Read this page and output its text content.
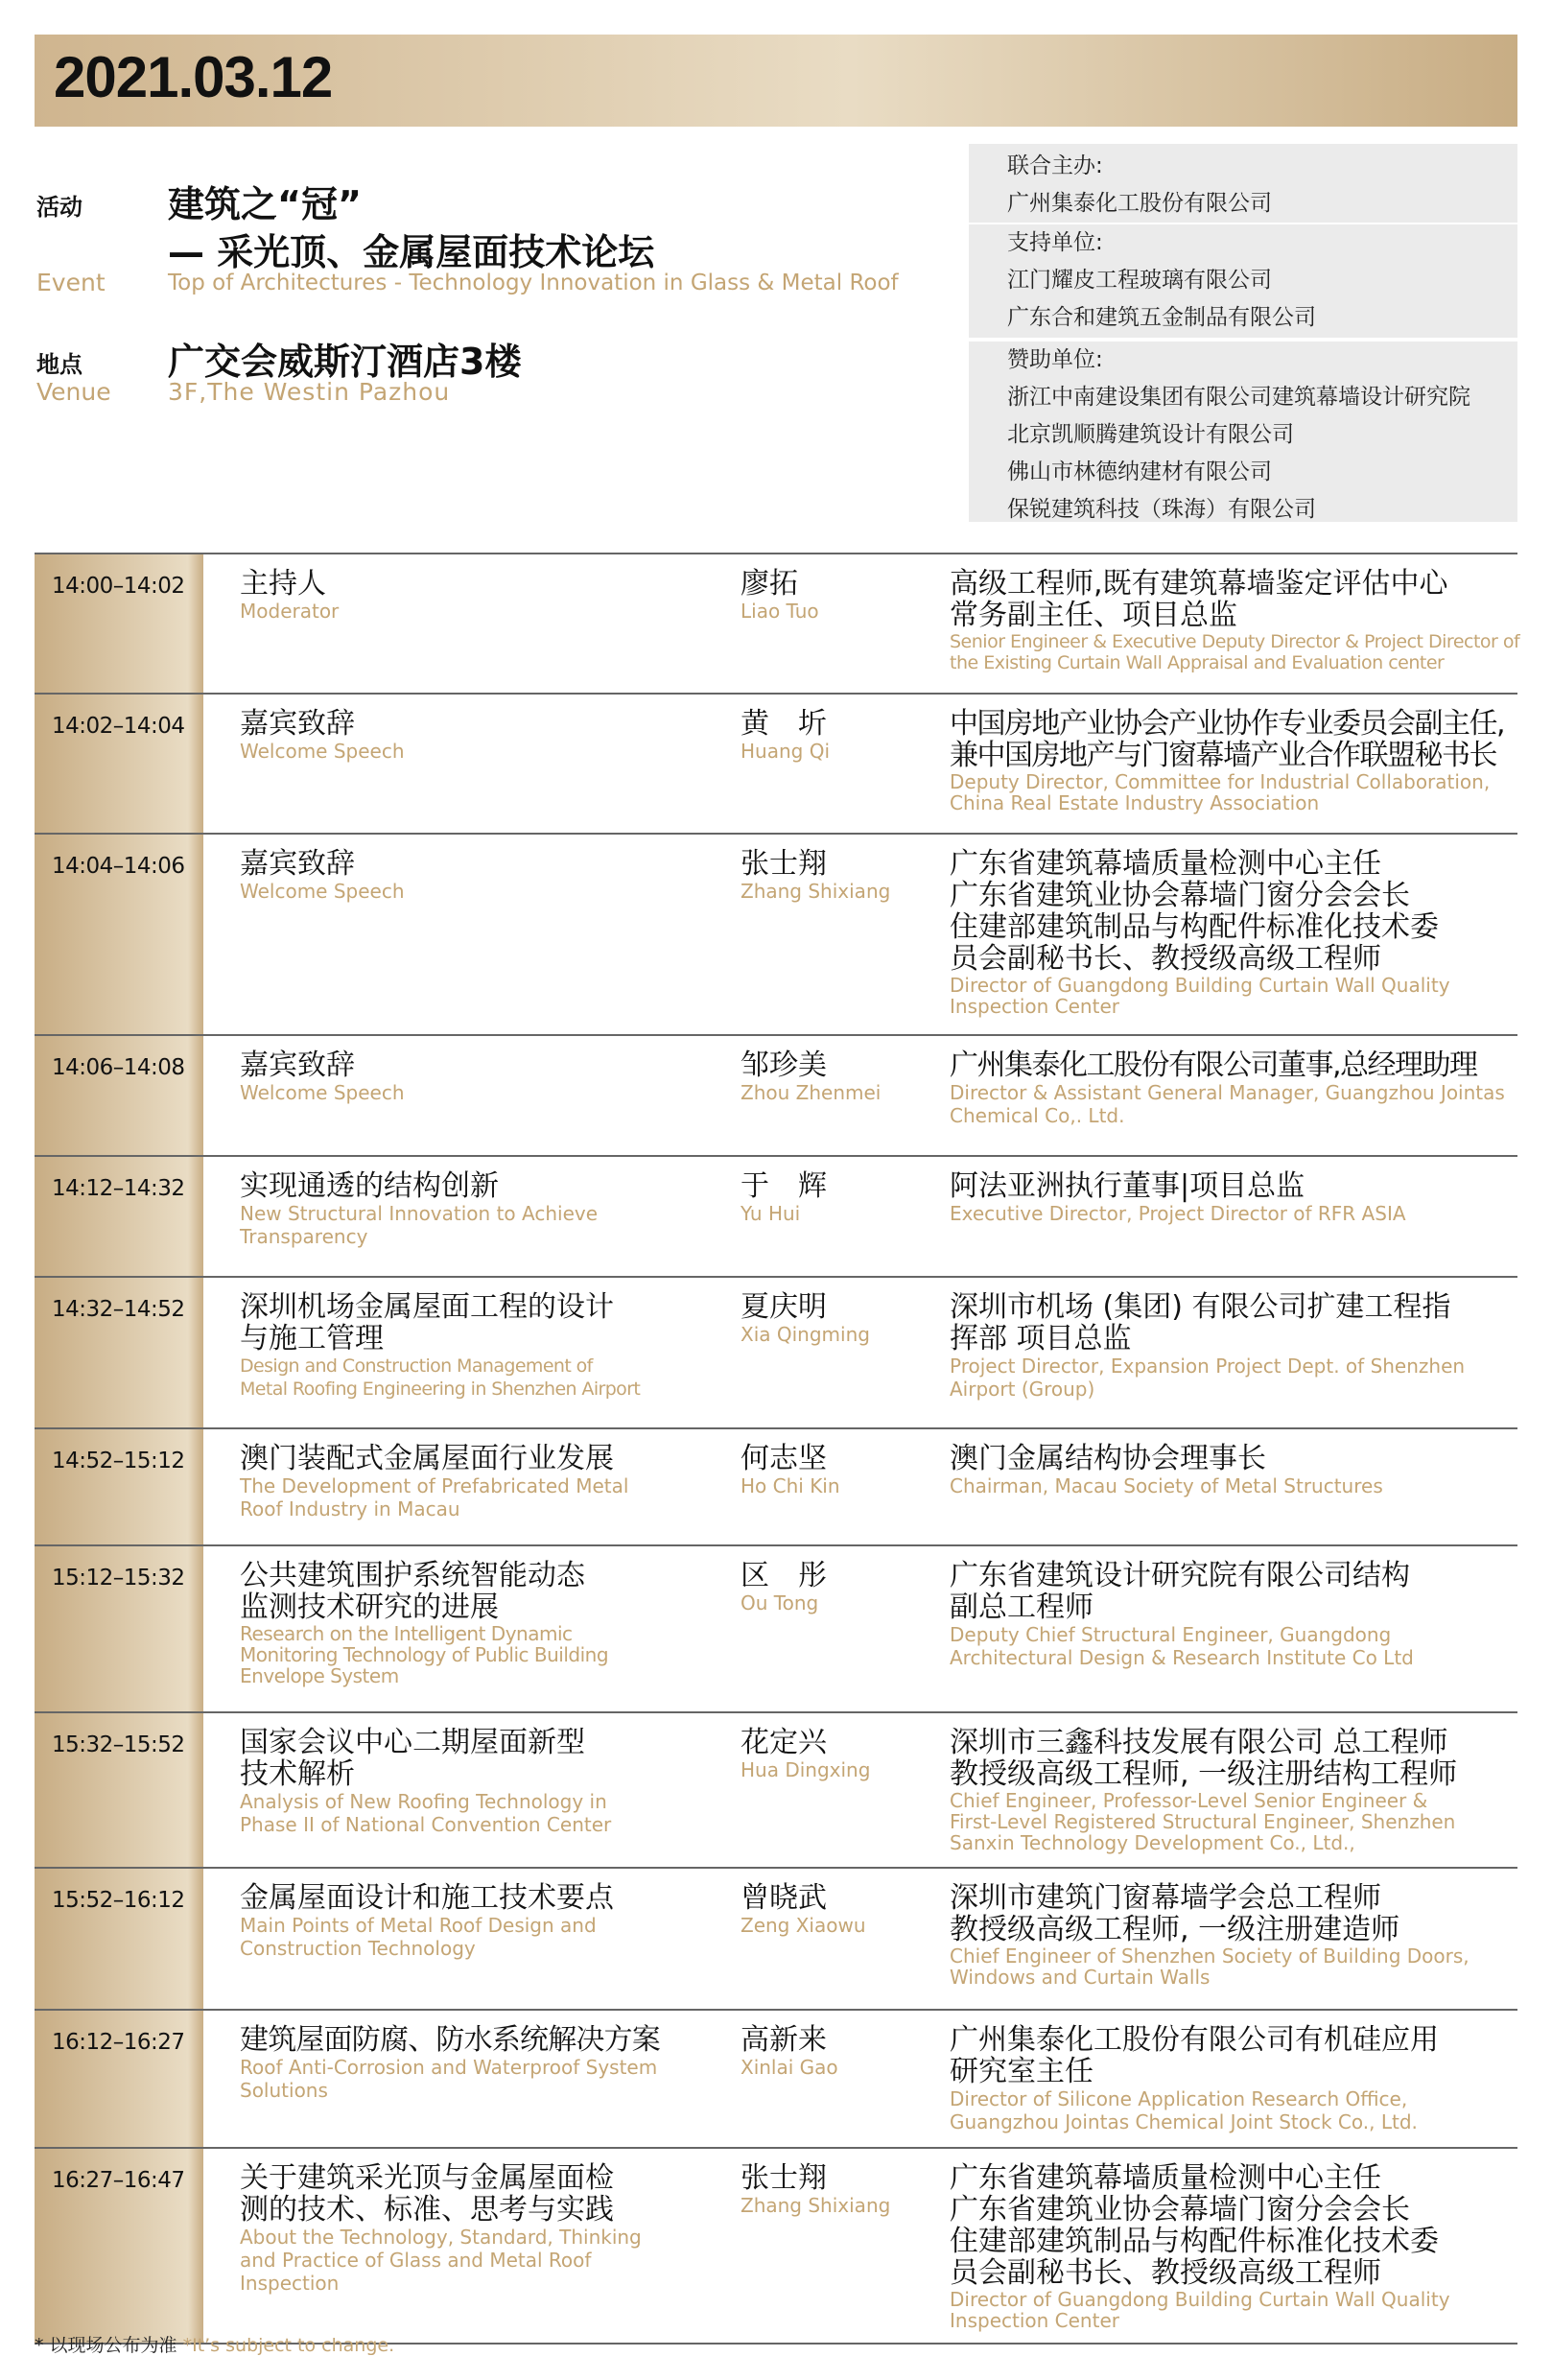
2021.03.12
活动
Event
建筑之“冠”
— 采光顶、金属屋面技术论坛
Top of Architectures - Technology Innovation in Glass & Metal Roof
地点
Venue
广交会威斯汀酒店3楼
3F,The Westin Pazhou
联合主办:
广州集泰化工股份有限公司
支持单位:
江门耀皮工程玻璃有限公司
广东合和建筑五金制品有限公司
赞助单位:
浙江中南建设集团有限公司建筑幕墙设计研究院
北京凯顺腾建筑设计有限公司
佛山市林德纳建材有限公司
保锐建筑科技（珠海）有限公司
14:00–14:02 主持人
Moderator
廖拓
Liao Tuo
高级工程师,既有建筑幕墙鉴定评估中心
常务副主任、项目总监
Senior Engineer & Executive Deputy Director & Project Director of
the Existing Curtain Wall Appraisal and Evaluation center
14:02–14:04 嘉宾致辞
Welcome Speech
黄　圻
Huang Qi
中国房地产业协会产业协作专业委员会副主任,
兼中国房地产与门窗幕墙产业合作联盟秘书长
Deputy Director, Committee for Industrial Collaboration,
China Real Estate Industry Association
14:04–14:06 嘉宾致辞
Welcome Speech
张士翔
Zhang Shixiang
广东省建筑幕墙质量检测中心主任
广东省建筑业协会幕墙门窗分会会长
住建部建筑制品与构配件标准化技术委
员会副秘书长、教授级高级工程师
Director of Guangdong Building Curtain Wall Quality
Inspection Center
14:06–14:08 嘉宾致辞
Welcome Speech
邹珍美
Zhou Zhenmei
广州集泰化工股份有限公司董事,总经理助理
Director & Assistant General Manager, Guangzhou Jointas
Chemical Co,. Ltd.
14:12–14:32 实现通透的结构创新
New Structural Innovation to Achieve
Transparency
于　辉
Yu Hui
阿法亚洲执行董事|项目总监
Executive Director, Project Director of RFR ASIA
14:32–14:52 深圳机场金属屋面工程的设计
与施工管理
Design and Construction Management of
Metal Roofing Engineering in Shenzhen Airport
夏庆明
Xia Qingming
深圳市机场 (集团) 有限公司扩建工程指
挥部 项目总监
Project Director, Expansion Project Dept. of Shenzhen
Airport (Group)
14:52–15:12 澳门装配式金属屋面行业发展
The Development of Prefabricated Metal
Roof Industry in Macau
何志坚
Ho Chi Kin
澳门金属结构协会理事长
Chairman, Macau Society of Metal Structures
15:12–15:32 公共建筑围护系统智能动态
监测技术研究的进展
Research on the Intelligent Dynamic
Monitoring Technology of Public Building
Envelope System
区　彤
Ou Tong
广东省建筑设计研究院有限公司结构
副总工程师
Deputy Chief Structural Engineer, Guangdong
Architectural Design & Research Institute Co Ltd
15:32–15:52 国家会议中心二期屋面新型
技术解析
Analysis of New Roofing Technology in
Phase II of National Convention Center
花定兴
Hua Dingxing
深圳市三鑫科技发展有限公司 总工程师
教授级高级工程师, 一级注册结构工程师
Chief Engineer, Professor-Level Senior Engineer &
First-Level Registered Structural Engineer, Shenzhen
Sanxin Technology Development Co., Ltd.,
15:52–16:12 金属屋面设计和施工技术要点
Main Points of Metal Roof Design and
Construction Technology
曾晓武
Zeng Xiaowu
深圳市建筑门窗幕墙学会总工程师
教授级高级工程师, 一级注册建造师
Chief Engineer of Shenzhen Society of Building Doors,
Windows and Curtain Walls
16:12–16:27 建筑屋面防腐、防水系统解决方案
Roof Anti-Corrosion and Waterproof System
Solutions
高新来
Xinlai Gao
广州集泰化工股份有限公司有机硅应用
研究室主任
Director of Silicone Application Research Office,
Guangzhou Jointas Chemical Joint Stock Co., Ltd.
16:27–16:47 关于建筑采光顶与金属屋面检
测的技术、标准、思考与实践
About the Technology, Standard, Thinking
and Practice of Glass and Metal Roof
Inspection
张士翔
Zhang Shixiang
广东省建筑幕墙质量检测中心主任
广东省建筑业协会幕墙门窗分会会长
住建部建筑制品与构配件标准化技术委
员会副秘书长、教授级高级工程师
Director of Guangdong Building Curtain Wall Quality
Inspection Center
* 以现场公布为准 *It’s subject to change.
